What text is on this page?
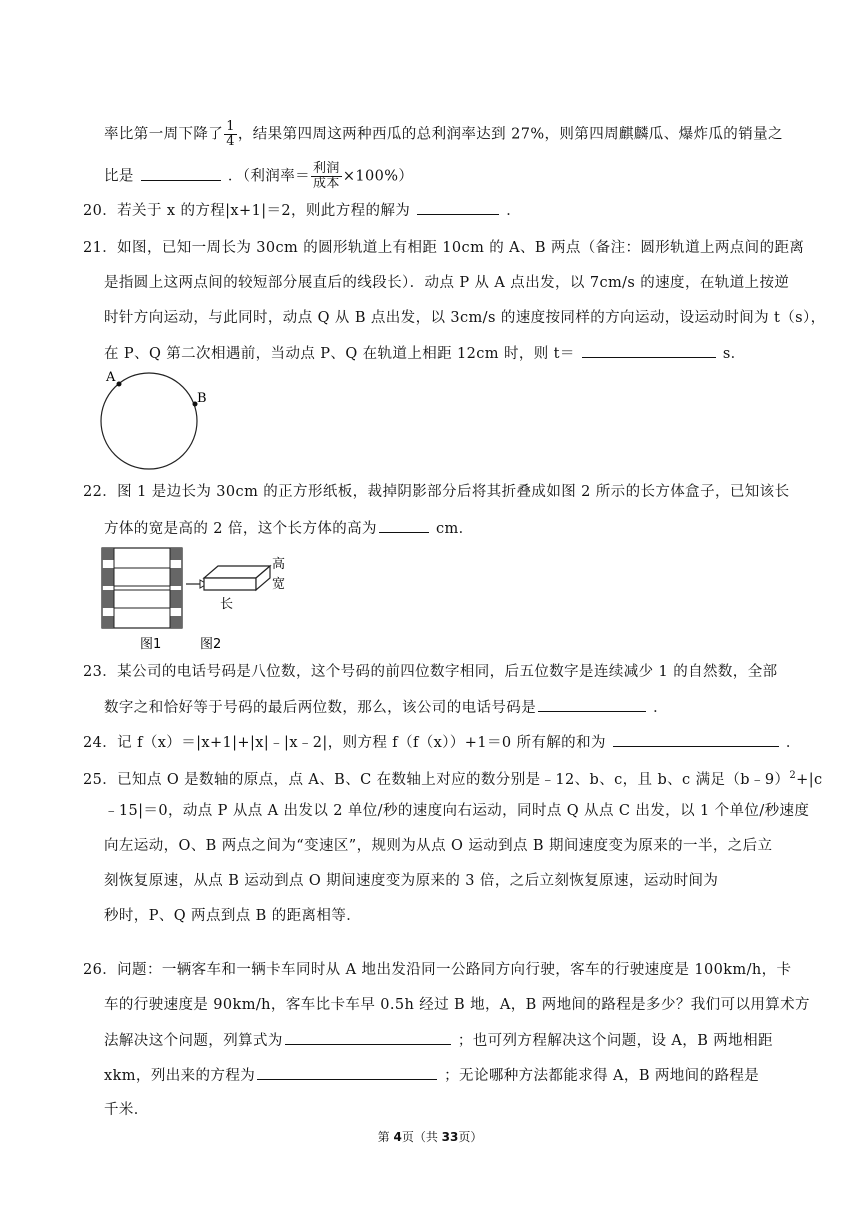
率比第一周下降了 $\frac{1}{4}$ ，结果第四周这两种西瓜的总利润率达到 27%，则第四周麒麟瓜、爆炸瓜的销量之
比是	．（利润率＝ $\frac{\text{利润}}{\text{成本}} \times 100\%$）
20．若关于 x 的方程|x+1|＝2，则此方程的解为	．
21．如图，已知一周长为 30cm 的圆形轨道上有相距 10cm 的 A、B 两点（备注：圆形轨道上两点间的距离
是指圆上这两点间的较短部分展直后的线段长）．动点 P 从 A 点出发，以 7cm/s 的速度，在轨道上按逆
时针方向运动，与此同时，动点 Q 从 B 点出发，以 3cm/s 的速度按同样的方向运动，设运动时间为 t（s），
在 P、Q 第二次相遇前，当动点 P、Q 在轨道上相距 12cm 时，则 t＝	s．
A
B
22．图 1 是边长为 30cm 的正方形纸板，裁掉阴影部分后将其折叠成如图 2 所示的长方体盒子，已知该长
方体的宽是高的 2 倍，这个长方体的高为	cm．
高
宽
长
图1	图2
23．某公司的电话号码是八位数，这个号码的前四位数字相同，后五位数字是连续减少 1 的自然数，全部
数字之和恰好等于号码的最后两位数，那么，该公司的电话号码是	．
24．记 f（x）＝|x+1|+|x|﹣|x﹣2|，则方程 f（f（x））+1＝0 所有解的和为	．
25．已知点 O 是数轴的原点，点 A、B、C 在数轴上对应的数分别是﹣12、b、c，且 b、c 满足（b﹣9）$^2$+|c
﹣15|＝0，动点 P 从点 A 出发以 2 单位/秒的速度向右运动，同时点 Q 从点 C 出发，以 1 个单位/秒速度
向左运动，O、B 两点之间为“变速区”，规则为从点 O 运动到点 B 期间速度变为原来的一半，之后立
刻恢复原速，从点 B 运动到点 O 期间速度变为原来的 3 倍，之后立刻恢复原速，运动时间为
秒时，P、Q 两点到点 B 的距离相等．
26．问题：一辆客车和一辆卡车同时从 A 地出发沿同一公路同方向行驶，客车的行驶速度是 100km/h，卡
车的行驶速度是 90km/h，客车比卡车早 0.5h 经过 B 地，A，B 两地间的路程是多少？我们可以用算术方
法解决这个问题，列算式为	；也可列方程解决这个问题，设 A，B 两地相距
xkm，列出来的方程为	；无论哪种方法都能求得 A，B 两地间的路程是
千米．
第 4页（共 33页）
